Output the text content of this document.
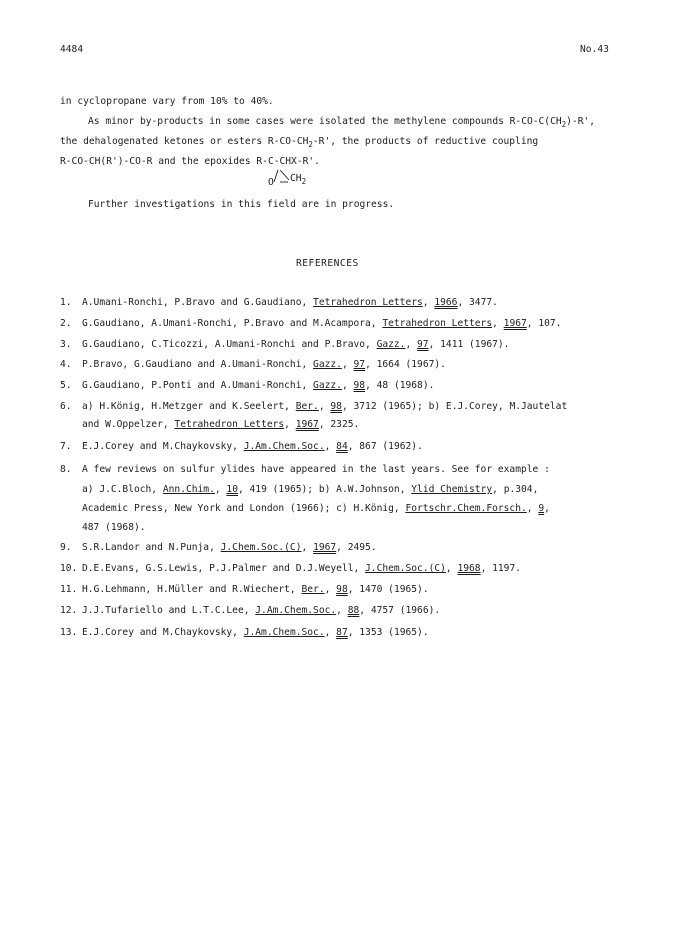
4484	No.43
in cyclopropane vary from 10% to 40%.
As minor by-products in some cases were isolated the methylene compounds $R-CO-C(CH_2)-R'$,
the dehalogenated ketones or esters $R-CO-CH_2-R'$, the products of reductive coupling
R-CO-CH(R')-CO-R and the epoxides R-C-CHX-R'.
O $CH_2$
Further investigations in this field are in progress.
REFERENCES
1. A.Umani-Ronchi, P.Bravo and G.Gaudiano, Tetrahedron Letters, 1966, 3477.
2. G.Gaudiano, A.Umani-Ronchi, P.Bravo and M.Acampora, Tetrahedron Letters, 1967, 107.
3. G.Gaudiano, C.Ticozzi, A.Umani-Ronchi and P.Bravo, Gazz., 97, 1411 (1967).
4. P.Bravo, G.Gaudiano and A.Umani-Ronchi, Gazz., 97, 1664 (1967).
5. G.Gaudiano, P.Ponti and A.Umani-Ronchi, Gazz., 98, 48 (1968).
6. a) H.König, H.Metzger and K.Seelert, Ber., 98, 3712 (1965); b) E.J.Corey, M.Jautelat
7. E.J.Corey and M.Chaykovsky, J.Am.Chem.Soc., 84, 867 (1962).
8. A few reviews on sulfur ylides have appeared in the last years. See for example :
9. S.R.Landor and N.Punja, J.Chem.Soc.(C), 1967, 2495.
10. D.E.Evans, G.S.Lewis, P.J.Palmer and D.J.Weyell, J.Chem.Soc.(C), 1968, 1197.
11. H.G.Lehmann, H.Müller and R.Wiechert, Ber., 98, 1470 (1965).
12. J.J.Tufariello and L.T.C.Lee, J.Am.Chem.Soc., 88, 4757 (1966).
13. E.J.Corey and M.Chaykovsky, J.Am.Chem.Soc., 87, 1353 (1965).
and W.Oppelzer, Tetrahedron Letters, 1967, 2325.
a) J.C.Bloch, Ann.Chim., 10, 419 (1965); b) A.W.Johnson, Ylid Chemistry, p.304,
Academic Press, New York and London (1966); c) H.König, Fortschr.Chem.Forsch., 9,
487 (1968).
